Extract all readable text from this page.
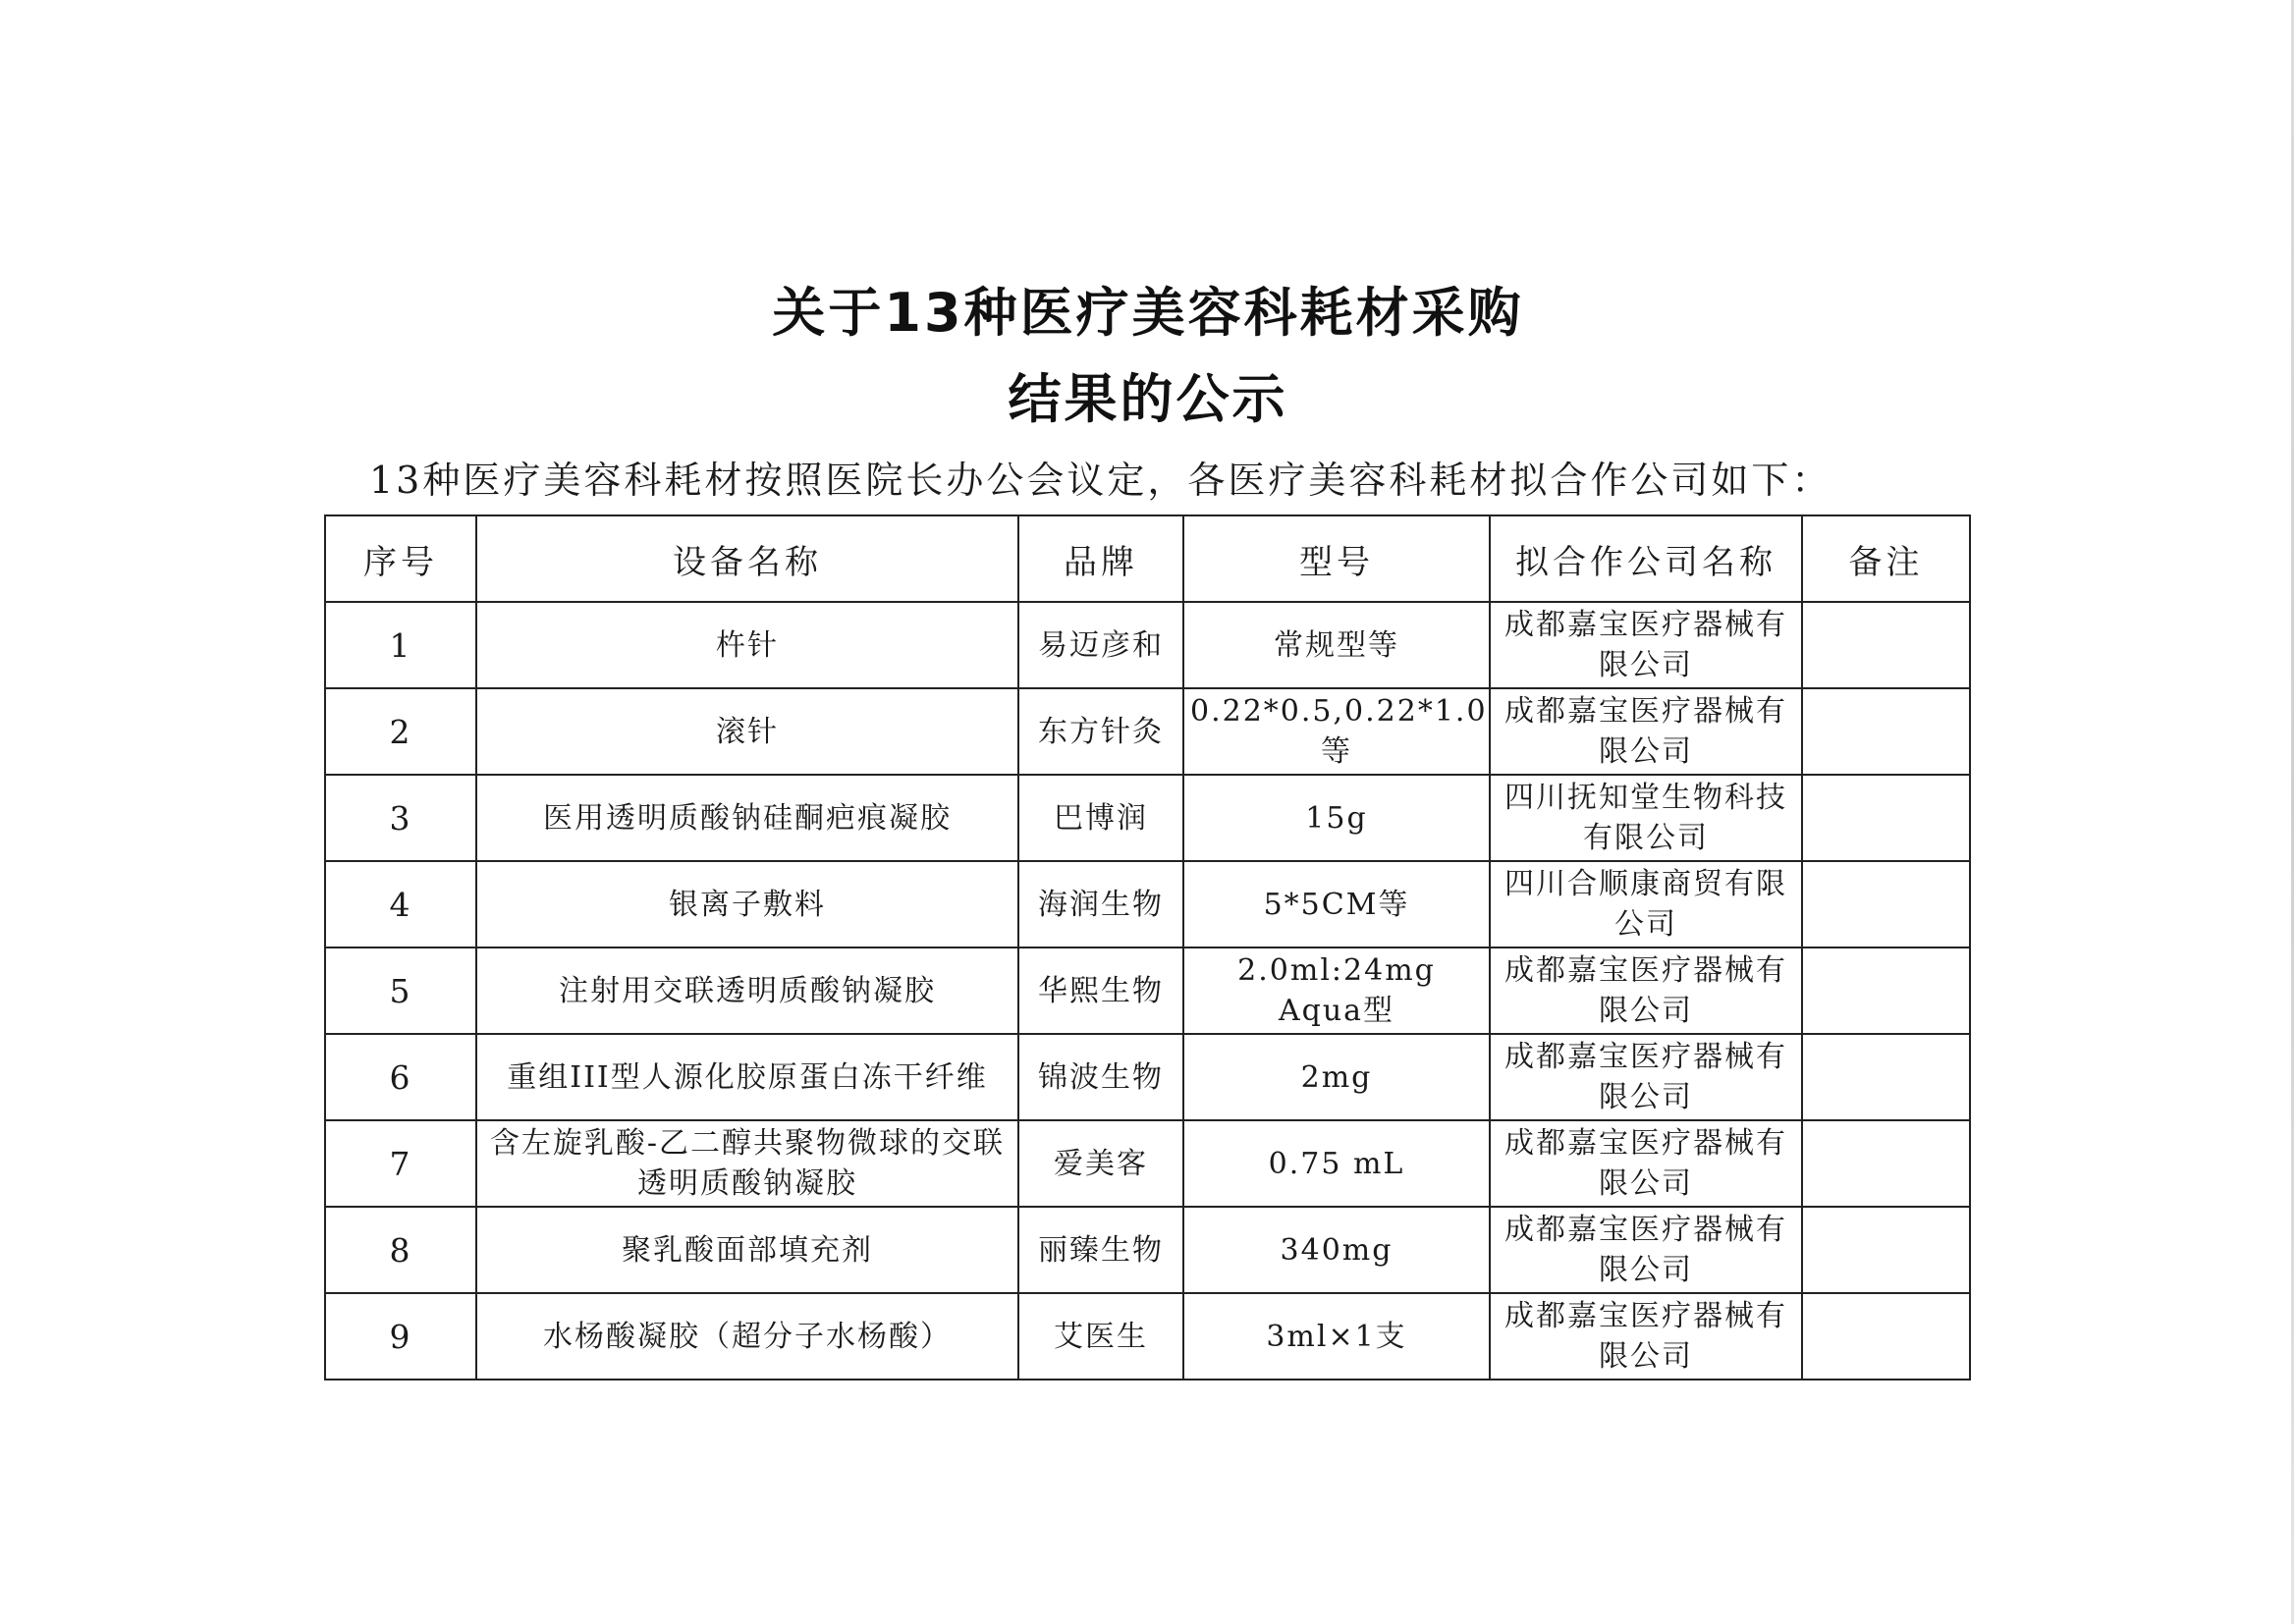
关于13种医疗美容科耗材采购
结果的公示
13种医疗美容科耗材按照医院长办公会议定，各医疗美容科耗材拟合作公司如下：
序号	设备名称	品牌	型号	拟合作公司名称	备注
1	杵针	易迈彦和	常规型等	成都嘉宝医疗器械有限公司	
2	滚针	东方针灸	0.22*0.5,0.22*1.0等	成都嘉宝医疗器械有限公司	
3	医用透明质酸钠硅酮疤痕凝胶	巴博润	15g	四川抚知堂生物科技有限公司	
4	银离子敷料	海润生物	5*5CM等	四川合顺康商贸有限公司	
5	注射用交联透明质酸钠凝胶	华熙生物	2.0ml:24mg Aqua型	成都嘉宝医疗器械有限公司	
6	重组III型人源化胶原蛋白冻干纤维	锦波生物	2mg	成都嘉宝医疗器械有限公司	
7	含左旋乳酸-乙二醇共聚物微球的交联透明质酸钠凝胶	爱美客	0.75 mL	成都嘉宝医疗器械有限公司	
8	聚乳酸面部填充剂	丽臻生物	340mg	成都嘉宝医疗器械有限公司	
9	水杨酸凝胶（超分子水杨酸）	艾医生	3ml×1支	成都嘉宝医疗器械有限公司	
